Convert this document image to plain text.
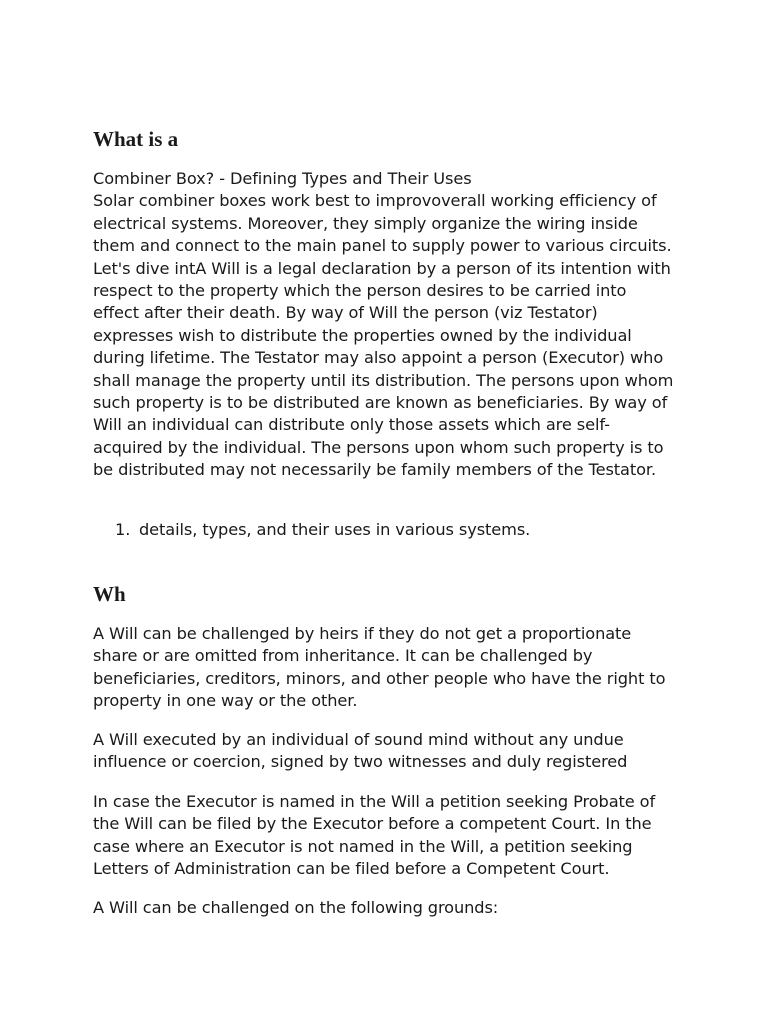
What is a

Combiner Box? - Defining Types and Their Uses
Solar combiner boxes work best to improvoverall working efficiency of electrical systems. Moreover, they simply organize the wiring inside them and connect to the main panel to supply power to various circuits. Let's dive intA Will is a legal declaration by a person of its intention with respect to the property which the person desires to be carried into effect after their death. By way of Will the person (viz Testator) expresses wish to distribute the properties owned by the individual during lifetime. The Testator may also appoint a person (Executor) who shall manage the property until its distribution. The persons upon whom such property is to be distributed are known as beneficiaries. By way of Will an individual can distribute only those assets which are self-acquired by the individual. The persons upon whom such property is to be distributed may not necessarily be family members of the Testator.

1. details, types, and their uses in various systems.
Wh

A Will can be challenged by heirs if they do not get a proportionate share or are omitted from inheritance. It can be challenged by beneficiaries, creditors, minors, and other people who have the right to property in one way or the other.

A Will executed by an individual of sound mind without any undue influence or coercion, signed by two witnesses and duly registered

In case the Executor is named in the Will a petition seeking Probate of the Will can be filed by the Executor before a competent Court. In the case where an Executor is not named in the Will, a petition seeking Letters of Administration can be filed before a Competent Court.

A Will can be challenged on the following grounds:
